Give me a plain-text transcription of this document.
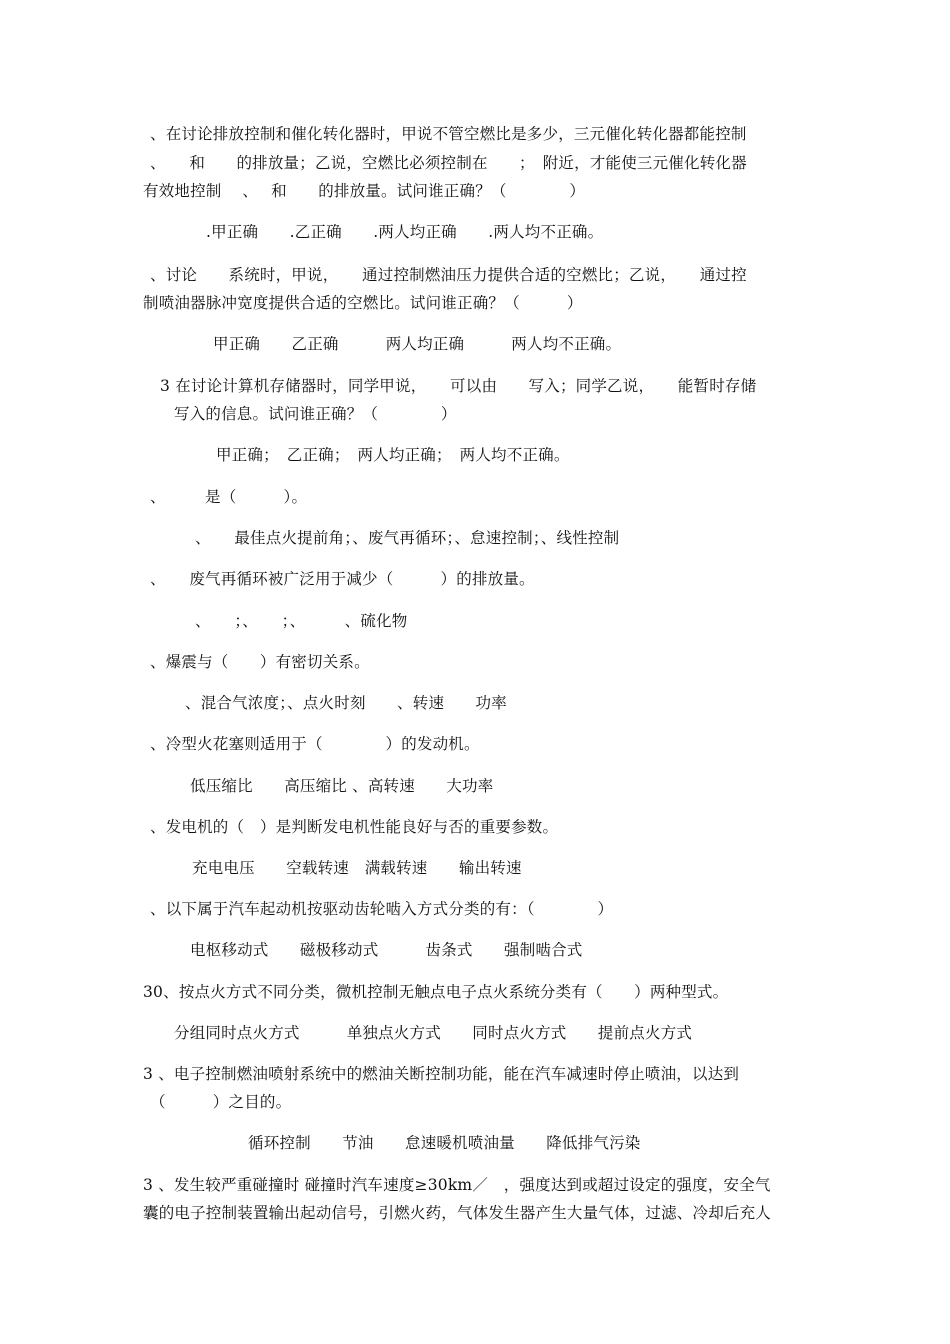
、在讨论排放控制和催化转化器时，甲说不管空燃比是多少，三元催化转化器都能控制
、　　和　　的排放量；乙说，空燃比必须控制在　　；　附近，才能使三元催化转化器
有效地控制　 、　 和　　的排放量。试问谁正确？（　　　　）
.甲正确　　.乙正确　　.两人均正确　　.两人均不正确。
、讨论　　系统时，甲说，　　通过控制燃油压力提供合适的空燃比；乙说，　　通过控
制喷油器脉冲宽度提供合适的空燃比。试问谁正确？（　　　）
甲正确　　乙正确　　　两人均正确　　　两人均不正确。
3 在讨论计算机存储器时，同学甲说，　　可以由　　写入；同学乙说，　　能暂时存储
写入的信息。试问谁正确？（　　　　）
甲正确；　乙正确；　两人均正确；　两人均不正确。
、　　　是（　　　）。
、　　最佳点火提前角；、废气再循环；、怠速控制；、线性控制
、　　废气再循环被广泛用于减少（　　　）的排放量。
、　　；、　　；、　　　、硫化物
、爆震与（　　）有密切关系。
、混合气浓度；、点火时刻　　、转速　　功率
、冷型火花塞则适用于（　　　　）的发动机。
低压缩比　　高压缩比 、高转速　　大功率
、发电机的（　）是判断发电机性能良好与否的重要参数。
充电电压　　空载转速　满载转速　　输出转速
、以下属于汽车起动机按驱动齿轮啮入方式分类的有：（　　　　）
电枢移动式　　磁极移动式　　　齿条式　　强制啮合式
30、按点火方式不同分类，微机控制无触点电子点火系统分类有（　　）两种型式。
分组同时点火方式　　　单独点火方式　　同时点火方式　　提前点火方式
3 、电子控制燃油喷射系统中的燃油关断控制功能，能在汽车减速时停止喷油，以达到
（　　　）之目的。
循环控制　　节油　　怠速暖机喷油量　　降低排气污染
3 、发生较严重碰撞时 碰撞时汽车速度≥30km／　，强度达到或超过设定的强度，安全气
囊的电子控制装置输出起动信号，引燃火药，气体发生器产生大量气体，过滤、冷却后充人
